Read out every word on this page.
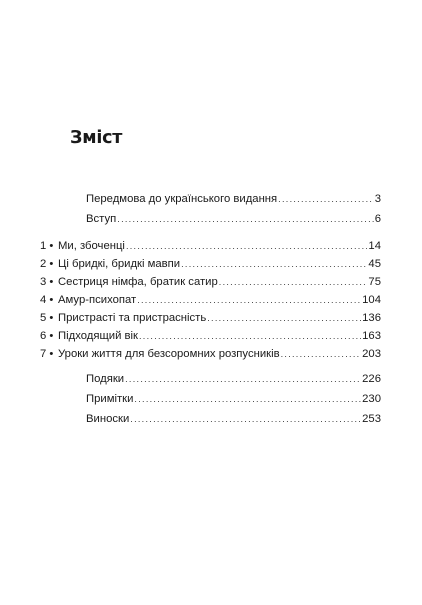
Зміст
Передмова до українського видання .....	3
Вступ .....	6
1 • Ми, збоченці .....	14
2 • Ці бридкі, бридкі мавпи .....	45
3 • Сестриця німфа, братик сатир .....	75
4 • Амур-психопат .....	104
5 • Пристрасті та пристрасність .....	136
6 • Підходящий вік .....	163
7 • Уроки життя для безсоромних розпусників .....	203
Подяки .....	226
Примітки .....	230
Виноски .....	253
